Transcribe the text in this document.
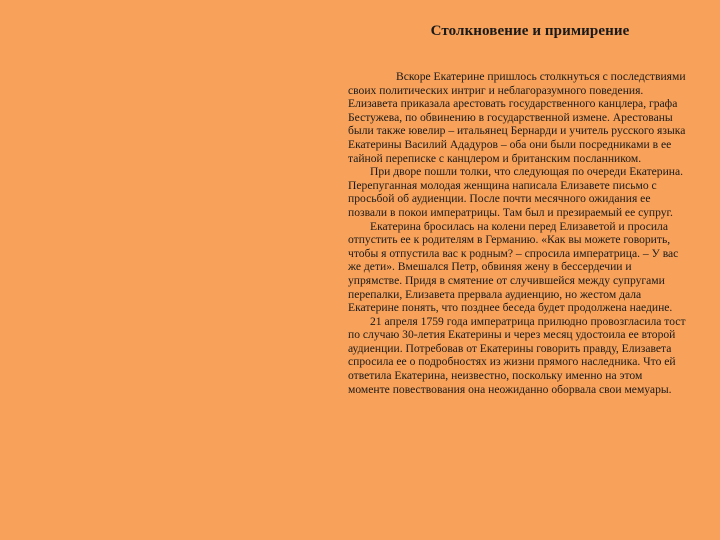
Столкновение и примирение

Вскоре Екатерине пришлось столкнуться с последствиями своих политических интриг и неблагоразумного поведения. Елизавета приказала арестовать государственного канцлера, графа Бестужева, по обвинению в государственной измене. Арестованы были также ювелир – итальянец Бернарди и учитель русского языка Екатерины Василий Ададуров – оба они были посредниками в ее тайной переписке с канцлером и британским посланником.

При дворе пошли толки, что следующая по очереди Екатерина. Перепуганная молодая женщина написала Елизавете письмо с просьбой об аудиенции. После почти месячного ожидания ее позвали в покои императрицы. Там был и презираемый ее супруг.

Екатерина бросилась на колени перед Елизаветой и просила отпустить ее к родителям в Германию. «Как вы можете говорить, чтобы я отпустила вас к родным? – спросила императрица. – У вас же дети». Вмешался Петр, обвиняя жену в бессердечии и упрямстве. Придя в смятение от случившейся между супругами перепалки, Елизавета прервала аудиенцию, но жестом дала Екатерине понять, что позднее беседа будет продолжена наедине.

21 апреля 1759 года императрица прилюдно провозгласила тост по случаю 30-летия Екатерины и через месяц удостоила ее второй аудиенции. Потребовав от Екатерины говорить правду, Елизавета спросила ее о подробностях из жизни прямого наследника. Что ей ответила Екатерина, неизвестно, поскольку именно на этом моменте повествования она неожиданно оборвала свои мемуары.
